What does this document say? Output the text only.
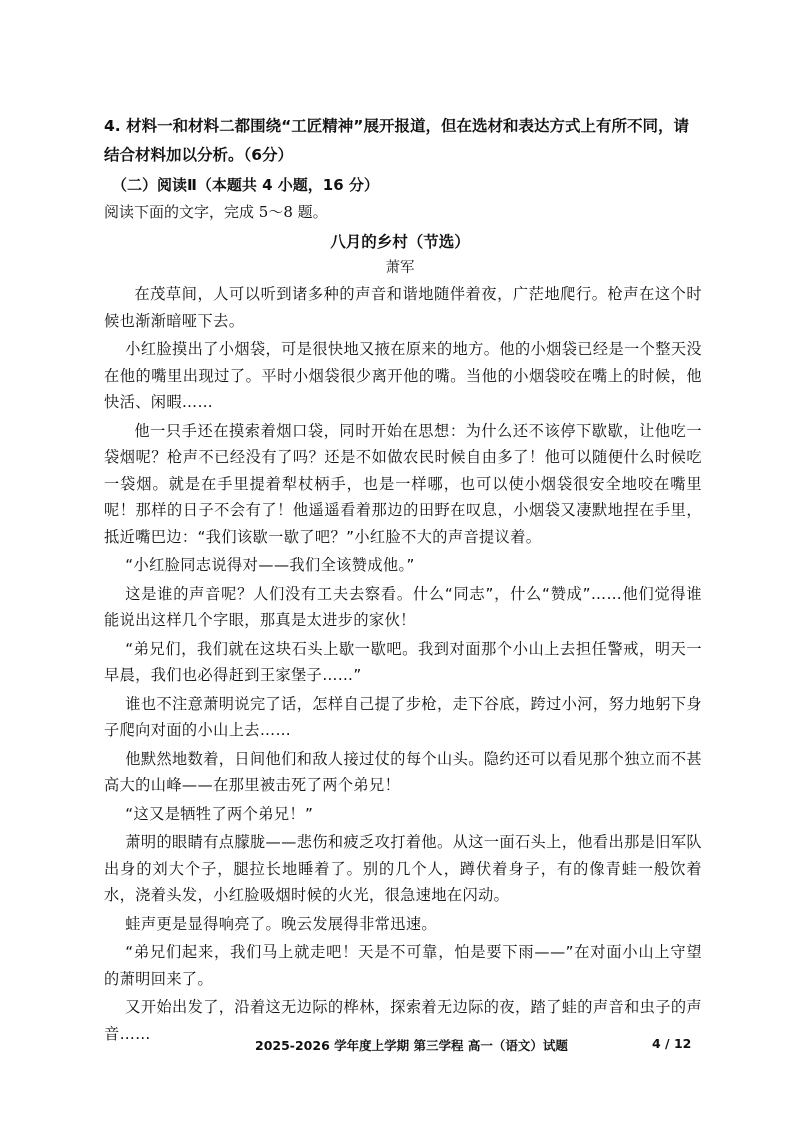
4. 材料一和材料二都围绕“工匠精神”展开报道，但在选材和表达方式上有所不同，请结合材料加以分析。（6分）

（二）阅读Ⅱ（本题共 4 小题，16 分）

阅读下面的文字，完成 5～8 题。

八月的乡村（节选）

萧军

在茂草间，人可以听到诸多种的声音和谐地随伴着夜，广茫地爬行。枪声在这个时候也渐渐暗哑下去。

小红脸摸出了小烟袋，可是很快地又掖在原来的地方。他的小烟袋已经是一个整天没在他的嘴里出现过了。平时小烟袋很少离开他的嘴。当他的小烟袋咬在嘴上的时候，他快活、闲暇……

他一只手还在摸索着烟口袋，同时开始在思想：为什么还不该停下歇歇，让他吃一袋烟呢？枪声不已经没有了吗？还是不如做农民时候自由多了！他可以随便什么时候吃一袋烟。就是在手里提着犁杖柄手，也是一样哪，也可以使小烟袋很安全地咬在嘴里呢！那样的日子不会有了！他遥遥看着那边的田野在叹息，小烟袋又凄默地捏在手里，抵近嘴巴边：“我们该歇一歇了吧？”小红脸不大的声音提议着。

“小红脸同志说得对——我们全该赞成他。”

这是谁的声音呢？人们没有工夫去察看。什么“同志”，什么“赞成”……他们觉得谁能说出这样几个字眼，那真是太进步的家伙！

“弟兄们，我们就在这块石头上歇一歇吧。我到对面那个小山上去担任警戒，明天一早晨，我们也必得赶到王家堡子……”

谁也不注意萧明说完了话，怎样自己提了步枪，走下谷底，跨过小河，努力地躬下身子爬向对面的小山上去……

他默然地数着，日间他们和敌人接过仗的每个山头。隐约还可以看见那个独立而不甚高大的山峰——在那里被击死了两个弟兄！

“这又是牺牲了两个弟兄！”

萧明的眼睛有点朦胧——悲伤和疲乏攻打着他。从这一面石头上，他看出那是旧军队出身的刘大个子，腿拉长地睡着了。别的几个人，蹲伏着身子，有的像青蛙一般饮着水，浇着头发，小红脸吸烟时候的火光，很急速地在闪动。

蛙声更是显得响亮了。晚云发展得非常迅速。

“弟兄们起来，我们马上就走吧！天是不可靠，怕是要下雨——”在对面小山上守望的萧明回来了。

又开始出发了，沿着这无边际的桦林，探索着无边际的夜，踏了蛙的声音和虫子的声音……

2025-2026 学年度上学期 第三学程 高一（语文）试题	4 / 12
